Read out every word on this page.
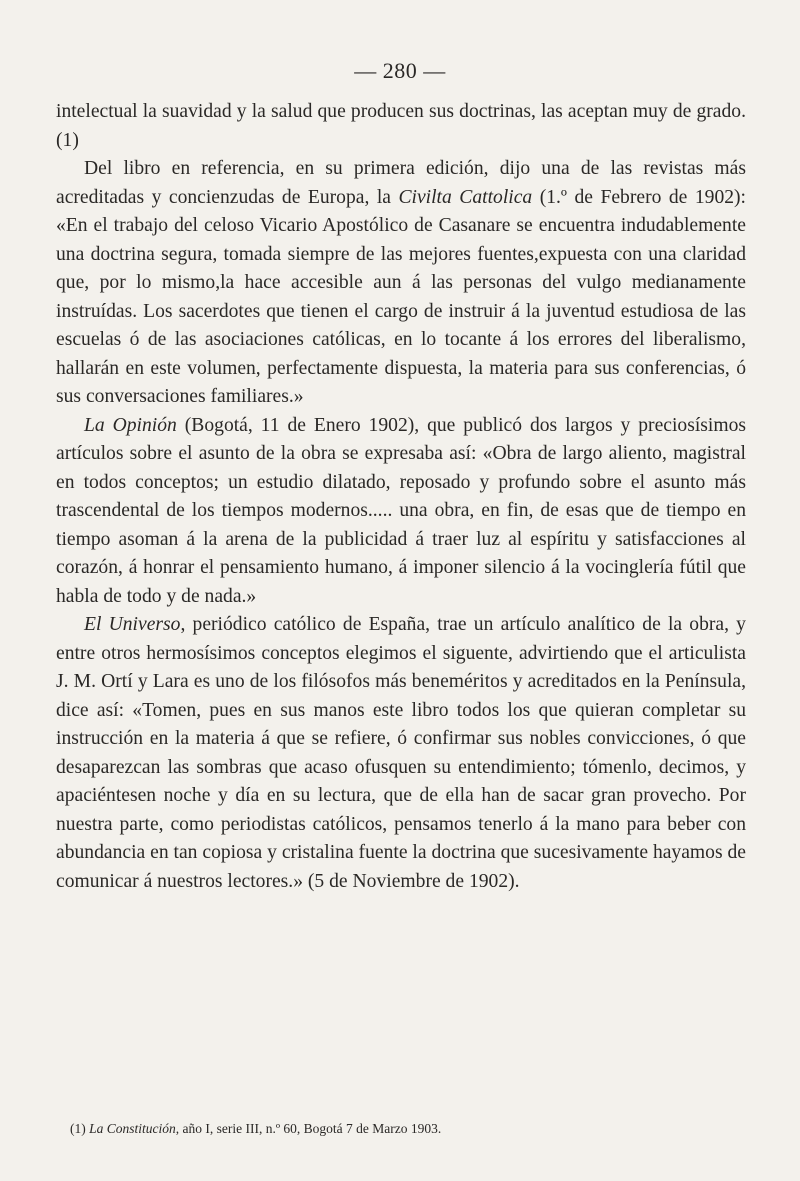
— 280 —

intelectual la suavidad y la salud que producen sus doctrinas, las aceptan muy de grado. (1)

Del libro en referencia, en su primera edición, dijo una de las revistas más acreditadas y concienzudas de Europa, la Civilta Cattolica (1.º de Febrero de 1902): «En el trabajo del celoso Vicario Apostólico de Casanare se encuentra indudablemente una doctrina segura, tomada siempre de las mejores fuentes,expuesta con una claridad que, por lo mismo,la hace accesible aun á las personas del vulgo medianamente instruídas. Los sacerdotes que tienen el cargo de instruir á la juventud estudiosa de las escuelas ó de las asociaciones católicas, en lo tocante á los errores del liberalismo, hallarán en este volumen, perfectamente dispuesta, la materia para sus conferencias, ó sus conversaciones familiares.»

La Opinión (Bogotá, 11 de Enero 1902), que publicó dos largos y preciosísimos artículos sobre el asunto de la obra se expresaba así: «Obra de largo aliento, magistral en todos conceptos; un estudio dilatado, reposado y profundo sobre el asunto más trascendental de los tiempos modernos..... una obra, en fin, de esas que de tiempo en tiempo asoman á la arena de la publicidad á traer luz al espíritu y satisfacciones al corazón, á honrar el pensamiento humano, á imponer silencio á la vocinglería fútil que habla de todo y de nada.»

El Universo, periódico católico de España, trae un artículo analítico de la obra, y entre otros hermosísimos conceptos elegimos el siguente, advirtiendo que el articulista J. M. Ortí y Lara es uno de los filósofos más beneméritos y acreditados en la Península, dice así: «Tomen, pues en sus manos este libro todos los que quieran completar su instrucción en la materia á que se refiere, ó confirmar sus nobles convicciones, ó que desaparezcan las sombras que acaso ofusquen su entendimiento; tómenlo, decimos, y apaciéntesen noche y día en su lectura, que de ella han de sacar gran provecho. Por nuestra parte, como periodistas católicos, pensamos tenerlo á la mano para beber con abundancia en tan copiosa y cristalina fuente la doctrina que sucesivamente hayamos de comunicar á nuestros lectores.» (5 de Noviembre de 1902).

(1) La Constitución, año I, serie III, n.º 60, Bogotá 7 de Marzo 1903.
